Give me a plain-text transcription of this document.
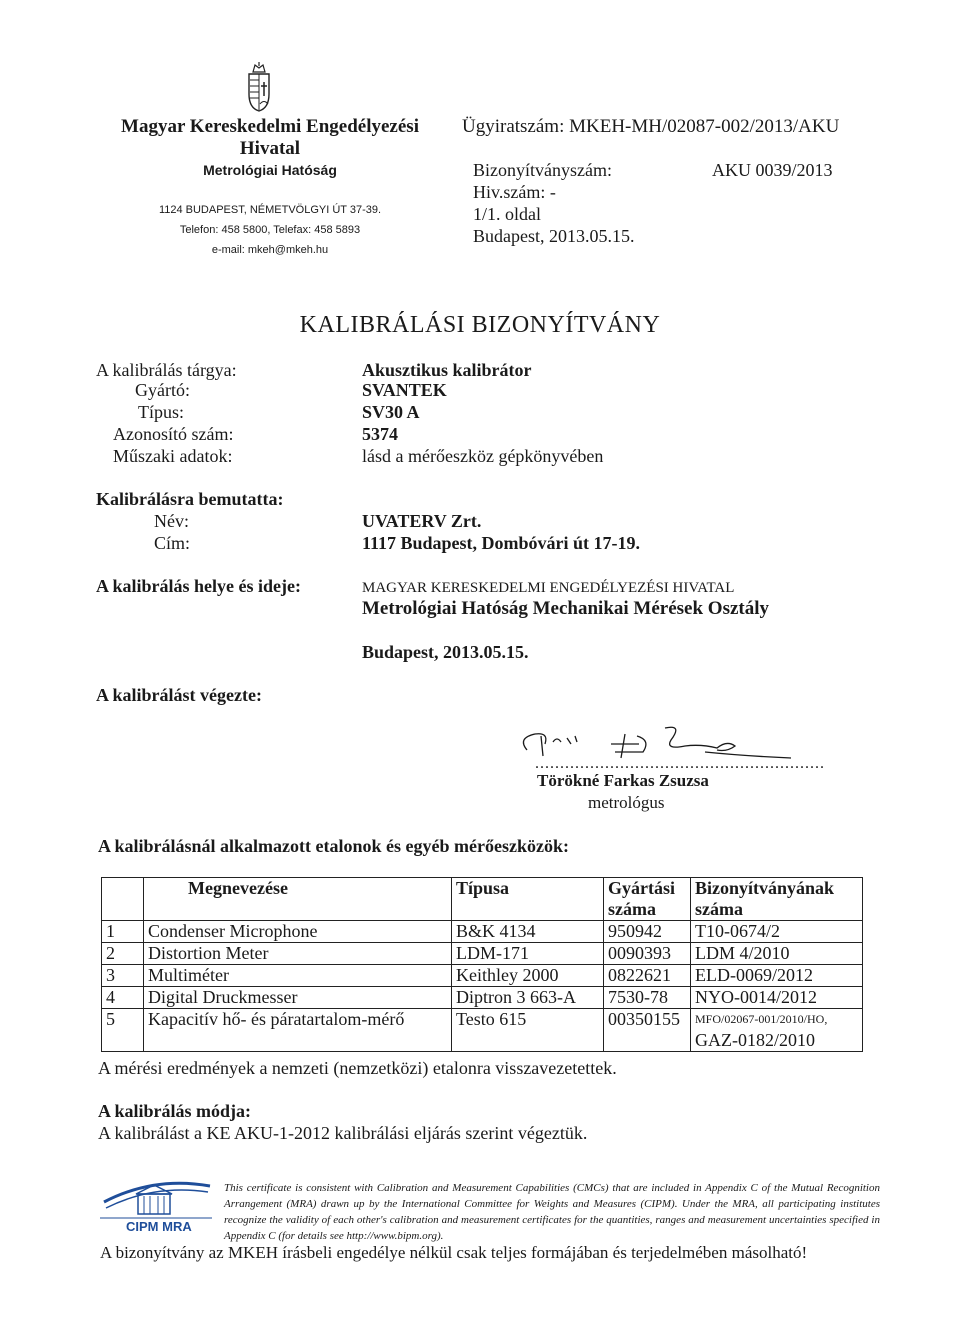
Magyar Kereskedelmi Engedélyezési
Hivatal
Metrológiai Hatóság
1124 BUDAPEST, NÉMETVÖLGYI ÚT 37-39.
Telefon: 458 5800, Telefax: 458 5893
e-mail: mkeh@mkeh.hu
Ügyiratszám: MKEH-MH/02087-002/2013/AKU
Bizonyítványszám:	AKU 0039/2013
Hiv.szám: -
1/1. oldal
Budapest, 2013.05.15.
KALIBRÁLÁSI BIZONYÍTVÁNY
A kalibrálás tárgya:	Akusztikus kalibrátor
Gyártó:	SVANTEK
Típus:	SV30 A
Azonosító szám:	5374
Műszaki adatok:	lásd a mérőeszköz gépkönyvében
Kalibrálásra bemutatta:
Név:	UVATERV Zrt.
Cím:	1117 Budapest, Dombóvári út 17-19.
A kalibrálás helye és ideje:	MAGYAR KERESKEDELMI ENGEDÉLYEZÉSI HIVATAL
Metrológiai Hatóság Mechanikai Mérések Osztály
Budapest, 2013.05.15.
A kalibrálást végezte:
..........................................................
Törökné Farkas Zsuzsa
metrológus
A kalibrálásnál alkalmazott etalonok és egyéb mérőeszközök:
	Megnevezése	Típusa	Gyártási száma	Bizonyítványának száma
1	Condenser Microphone	B&K 4134	950942	T10-0674/2
2	Distortion Meter	LDM-171	0090393	LDM 4/2010
3	Multiméter	Keithley 2000	0822621	ELD-0069/2012
4	Digital Druckmesser	Diptron 3 663-A	7530-78	NYO-0014/2012
5	Kapacitív hő- és páratartalom-mérő	Testo 615	00350155	MFO/02067-001/2010/HO,
GAZ-0182/2010
A mérési eredmények a nemzeti (nemzetközi) etalonra visszavezetettek.
A kalibrálás módja:
A kalibrálást a KE AKU-1-2012 kalibrálási eljárás szerint végeztük.
CIPM MRA
This certificate is consistent with Calibration and Measurement Capabilities (CMCs) that are included in Appendix C of the Mutual Recognition Arrangement (MRA) drawn up by the International Committee for Weights and Measures (CIPM). Under the MRA, all participating institutes recognize the validity of each other's calibration and measurement certificates for the quantities, ranges and measurement uncertainties specified in Appendix C (for details see http://www.bipm.org).
A bizonyítvány az MKEH írásbeli engedélye nélkül csak teljes formájában és terjedelmében másolható!
